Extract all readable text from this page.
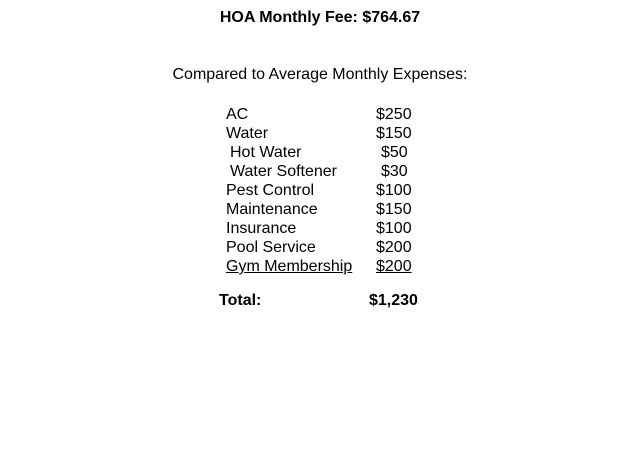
HOA Monthly Fee: $764.67
Compared to Average Monthly Expenses:
AC	$250
Water	$150
Hot Water	$50
Water Softener	$30
Pest Control	$100
Maintenance	$150
Insurance	$100
Pool Service	$200
Gym Membership $200
Total:	$1,230
